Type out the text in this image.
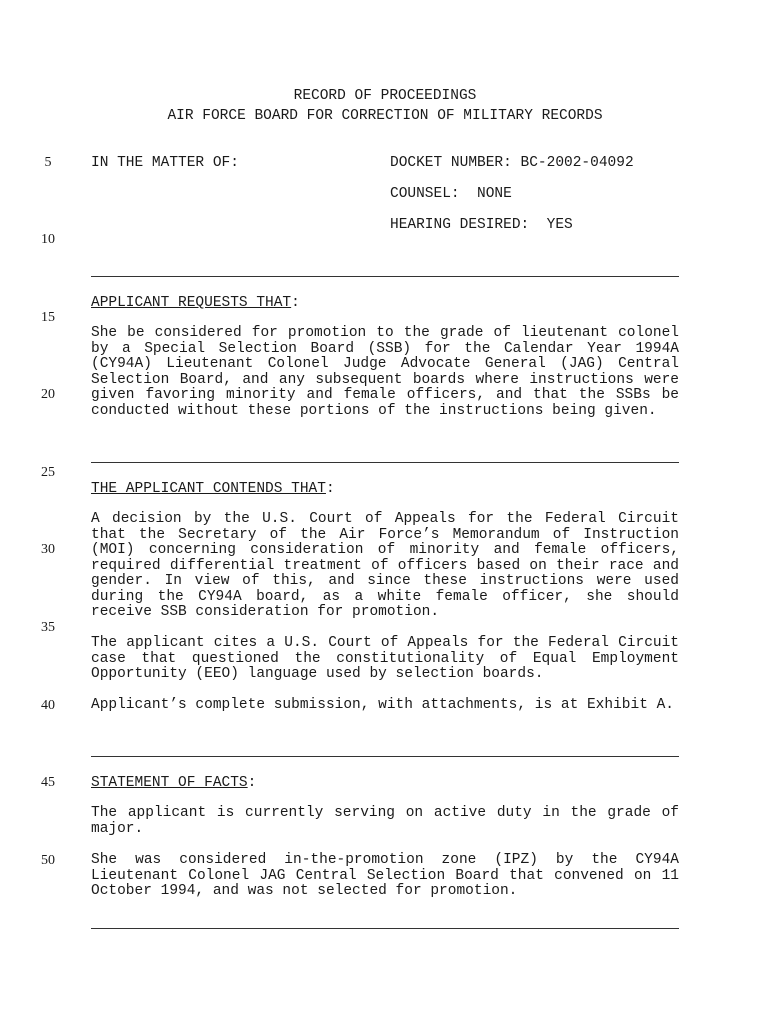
RECORD OF PROCEEDINGS
AIR FORCE BOARD FOR CORRECTION OF MILITARY RECORDS
IN THE MATTER OF:	DOCKET NUMBER: BC-2002-04092
COUNSEL:  NONE
HEARING DESIRED:  YES
5
10
15
20
25
30
35
40
45
50
APPLICANT REQUESTS THAT:
She be considered for promotion to the grade of lieutenant colonel by a Special Selection Board (SSB) for the Calendar Year 1994A (CY94A) Lieutenant Colonel Judge Advocate General (JAG) Central Selection Board, and any subsequent boards where instructions were given favoring minority and female officers, and that the SSBs be conducted without these portions of the instructions being given.
THE APPLICANT CONTENDS THAT:
A decision by the U.S. Court of Appeals for the Federal Circuit that the Secretary of the Air Force’s Memorandum of Instruction (MOI) concerning consideration of minority and female officers, required differential treatment of officers based on their race and gender. In view of this, and since these instructions were used during the CY94A board, as a white female officer, she should receive SSB consideration for promotion.
The applicant cites a U.S. Court of Appeals for the Federal Circuit case that questioned the constitutionality of Equal Employment Opportunity (EEO) language used by selection boards.
Applicant’s complete submission, with attachments, is at Exhibit A.
STATEMENT OF FACTS:
The applicant is currently serving on active duty in the grade of major.
She was considered in-the-promotion zone (IPZ) by the CY94A Lieutenant Colonel JAG Central Selection Board that convened on 11 October 1994, and was not selected for promotion.
